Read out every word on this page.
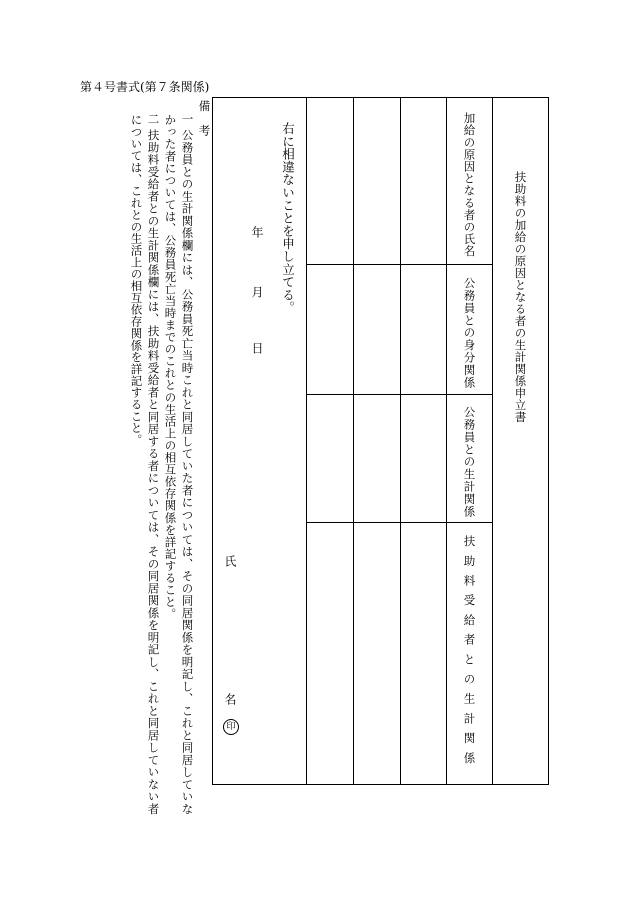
第４号書式(第７条関係)
扶助料の加給の原因となる者の生計関係申立書
加給の原因となる者の氏名
公務員との身分関係
公務員との生計関係
扶助料受給者との生計関係
右に相違ないことを申し立てる。
年
月
日
氏
名
印
備　考
一
公務員との生計関係欄には、公務員死亡当時これと同居していた者については、その同居関係を明記し、これと同居していな
かった者については、公務員死亡当時までのこれとの生活上の相互依存関係を詳記すること。
二
扶助料受給者との生計関係欄には、扶助料受給者と同居する者については、その同居関係を明記し、これと同居していない者
については、これとの生活上の相互依存関係を詳記すること。
